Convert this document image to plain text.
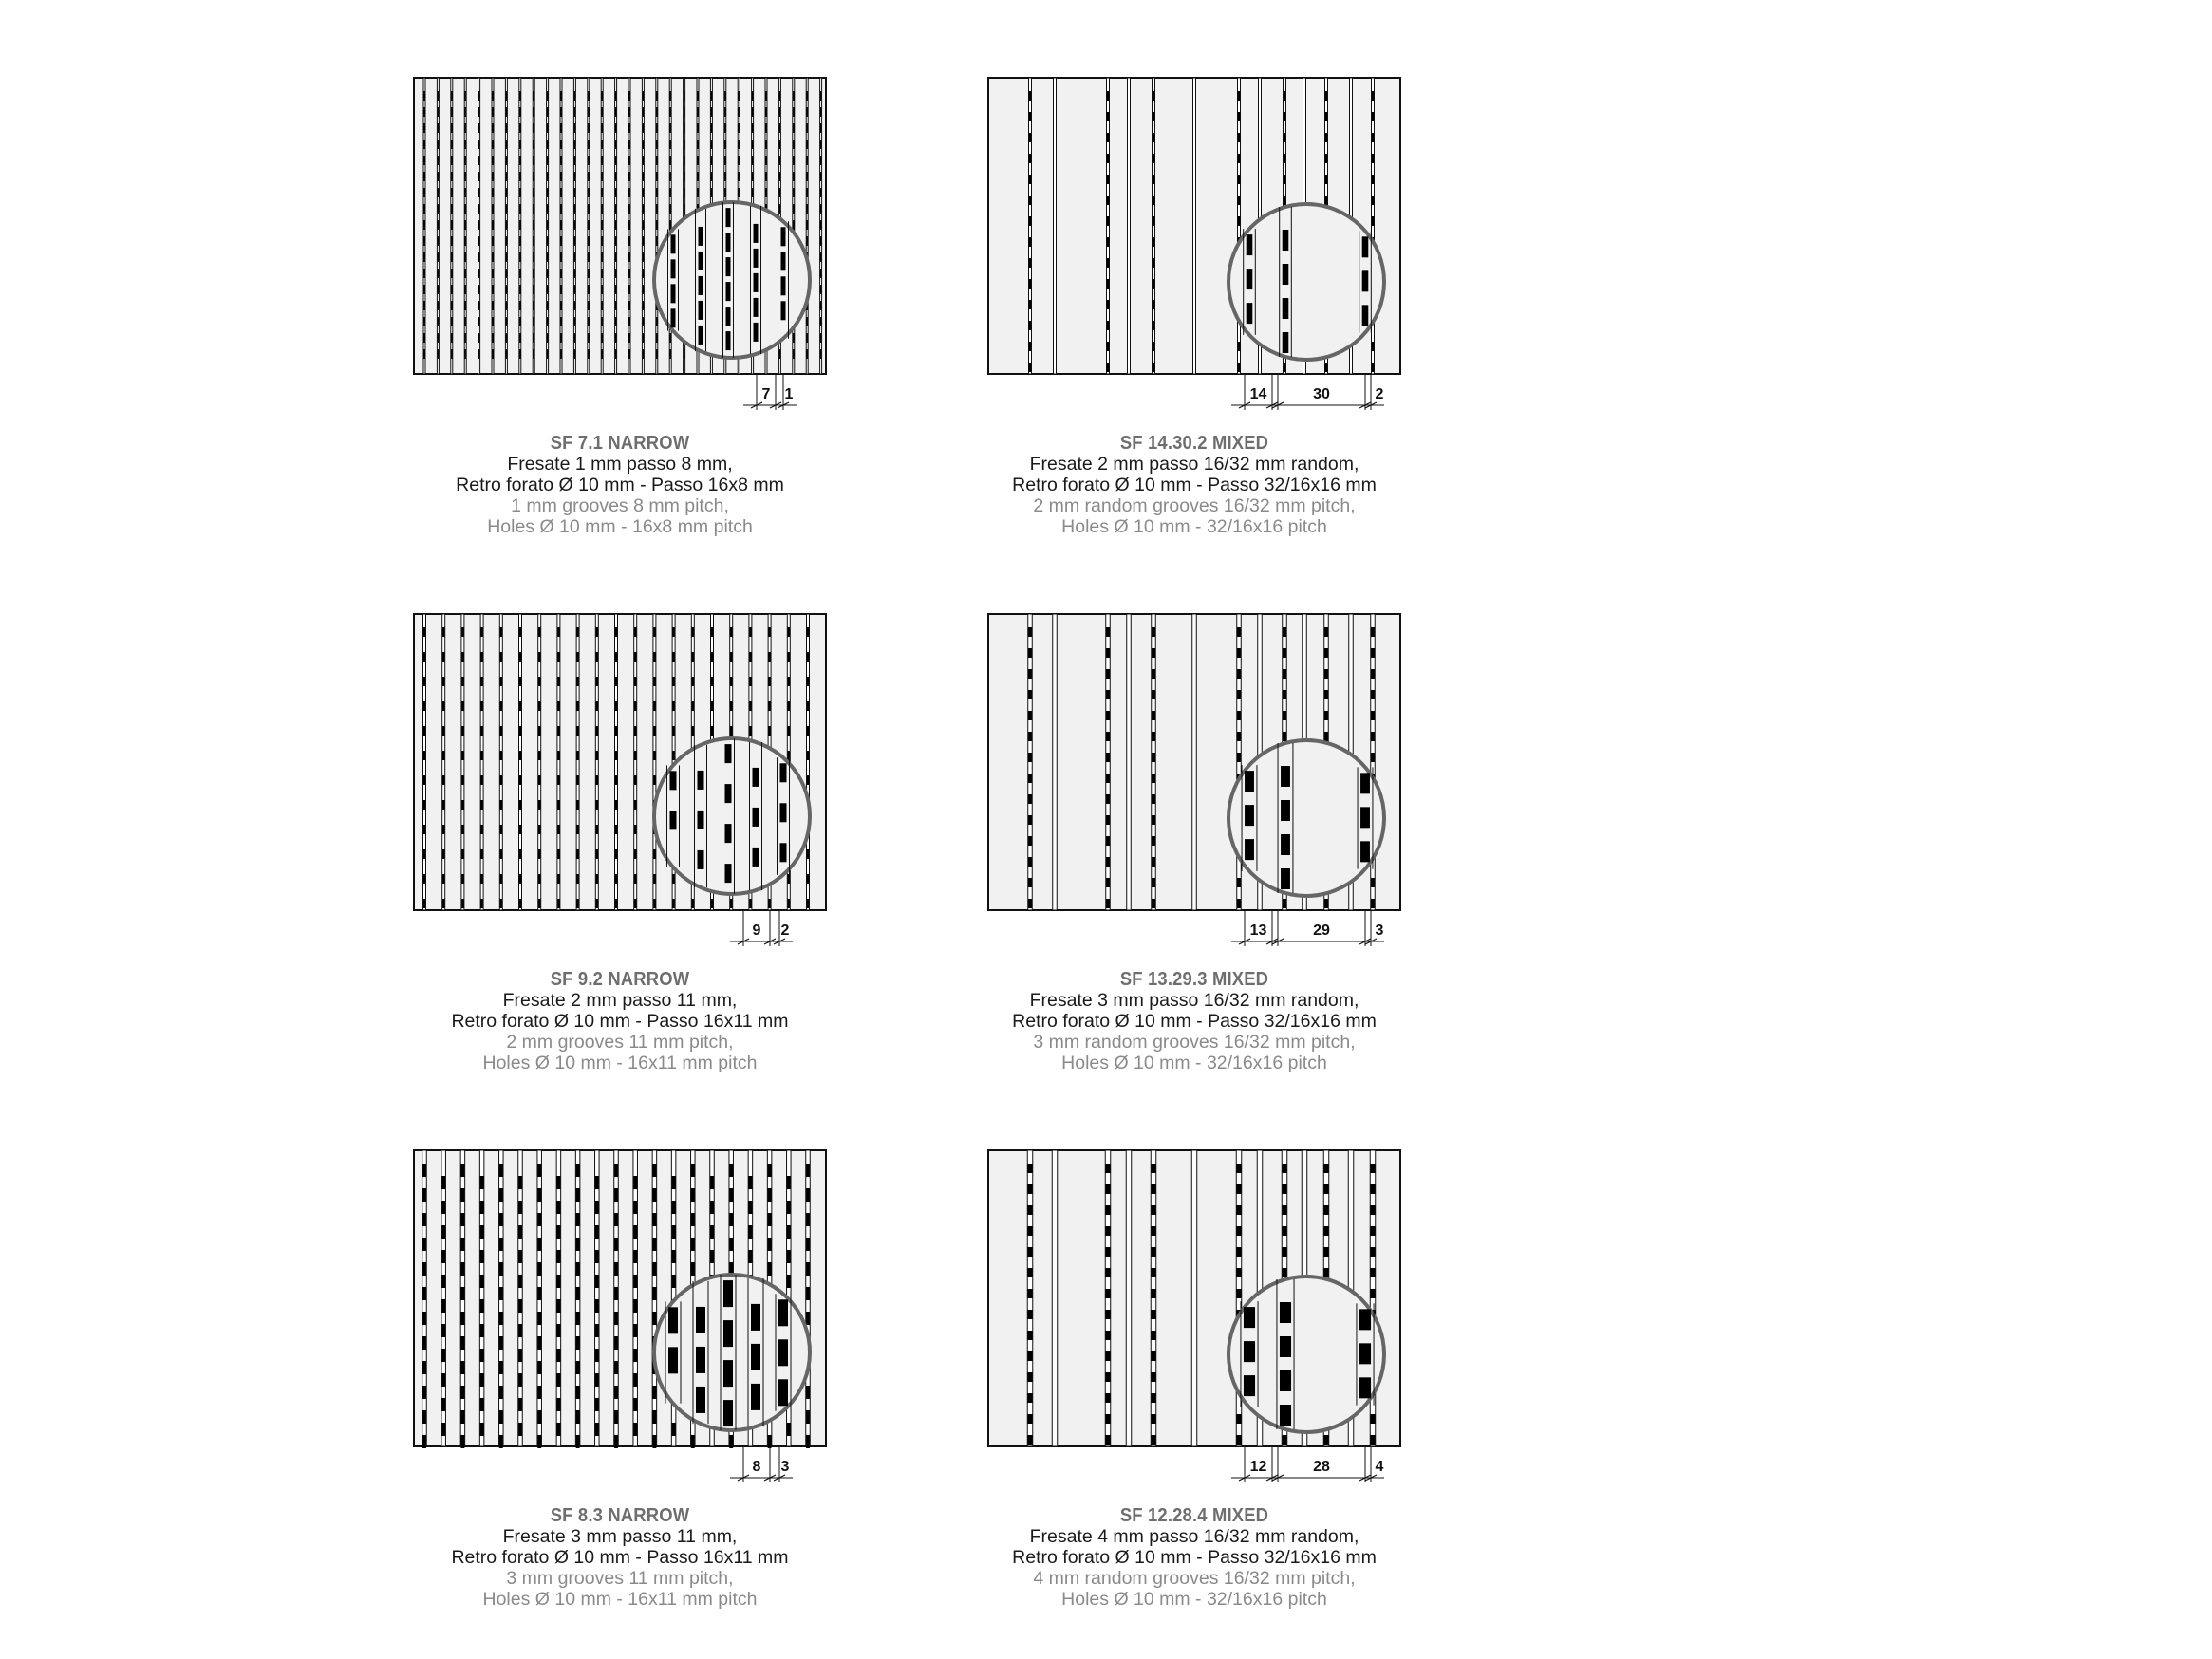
7 1
SF 7.1 NARROW
Fresate 1 mm passo 8 mm,
Retro forato Ø 10 mm - Passo 16x8 mm
1 mm grooves 8 mm pitch,
Holes Ø 10 mm - 16x8 mm pitch
14	30	2
SF 14.30.2 MIXED
Fresate 2 mm passo 16/32 mm random,
Retro forato Ø 10 mm - Passo 32/16x16 mm
2 mm random grooves 16/32 mm pitch,
Holes Ø 10 mm - 32/16x16 pitch
9 2
SF 9.2 NARROW
Fresate 2 mm passo 11 mm,
Retro forato Ø 10 mm - Passo 16x11 mm
2 mm grooves 11 mm pitch,
Holes Ø 10 mm - 16x11 mm pitch
13	29	3
SF 13.29.3 MIXED
Fresate 3 mm passo 16/32 mm random,
Retro forato Ø 10 mm - Passo 32/16x16 mm
3 mm random grooves 16/32 mm pitch,
Holes Ø 10 mm - 32/16x16 pitch
8 3
SF 8.3 NARROW
Fresate 3 mm passo 11 mm,
Retro forato Ø 10 mm - Passo 16x11 mm
3 mm grooves 11 mm pitch,
Holes Ø 10 mm - 16x11 mm pitch
12	28	4
SF 12.28.4 MIXED
Fresate 4 mm passo 16/32 mm random,
Retro forato Ø 10 mm - Passo 32/16x16 mm
4 mm random grooves 16/32 mm pitch,
Holes Ø 10 mm - 32/16x16 pitch
